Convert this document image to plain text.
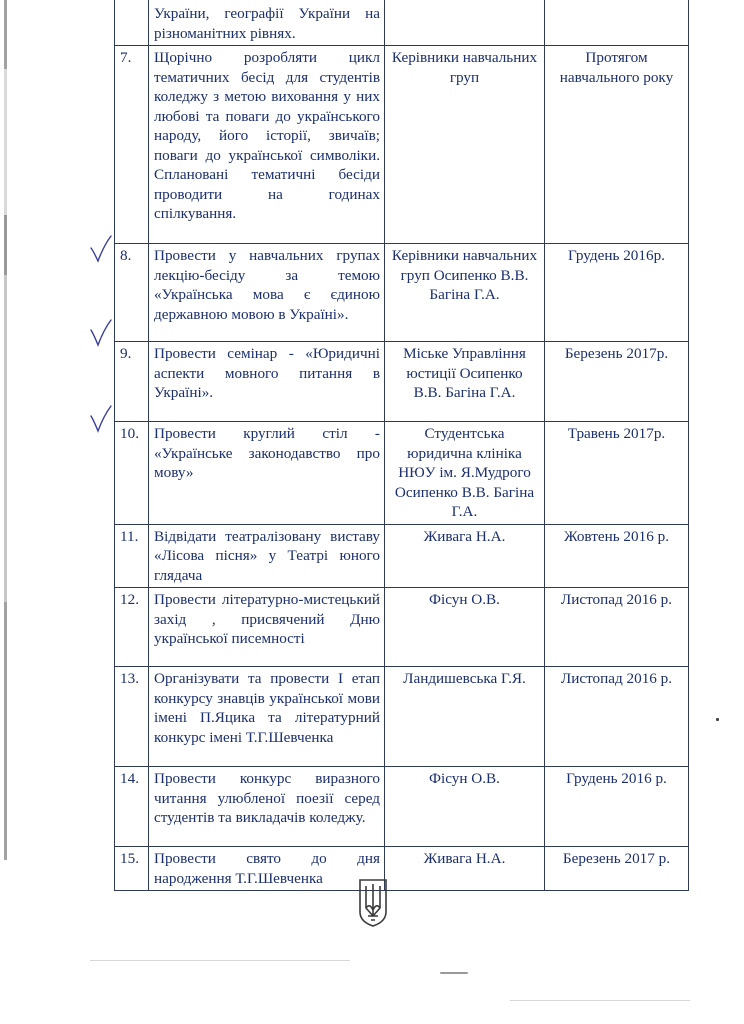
	України, географії України на різноманітних рівнях.		
7.	Щорічно розробляти цикл тематичних бесід для студентів коледжу з метою виховання у них любові та поваги до українського народу, його історії, звичаїв; поваги до української символіки. Сплановані тематичні бесіди проводити на годинах спілкування.	Керівники навчальних груп	Протягом навчального року
8.	Провести у навчальних групах лекцію-бесіду за темою «Українська мова є єдиною державною мовою в Україні».	Керівники навчальних груп Осипенко В.В. Багіна Г.А.	Грудень 2016р.
9.	Провести семінар - «Юридичні аспекти мовного питання в Україні».	Міське Управління юстиції Осипенко В.В. Багіна Г.А.	Березень 2017р.
10.	Провести круглий стіл - «Українське законодавство про мову»	Студентська юридична клініка НЮУ ім. Я.Мудрого Осипенко В.В. Багіна Г.А.	Травень 2017р.
11.	Відвідати театралізовану виставу «Лісова пісня» у Театрі юного глядача	Живага Н.А.	Жовтень 2016 р.
12.	Провести літературно-мистецький захід , присвячений Дню української писемності	Фісун О.В.	Листопад 2016 р.
13.	Організувати та провести І етап конкурсу знавців української мови імені П.Яцика та літературний конкурс імені Т.Г.Шевченка	Ландишевська Г.Я.	Листопад 2016 р.
14.	Провести конкурс виразного читання улюбленої поезії серед студентів та викладачів коледжу.	Фісун О.В.	Грудень 2016 р.
15.	Провести свято до дня народження Т.Г.Шевченка	Живага Н.А.	Березень 2017 р.
